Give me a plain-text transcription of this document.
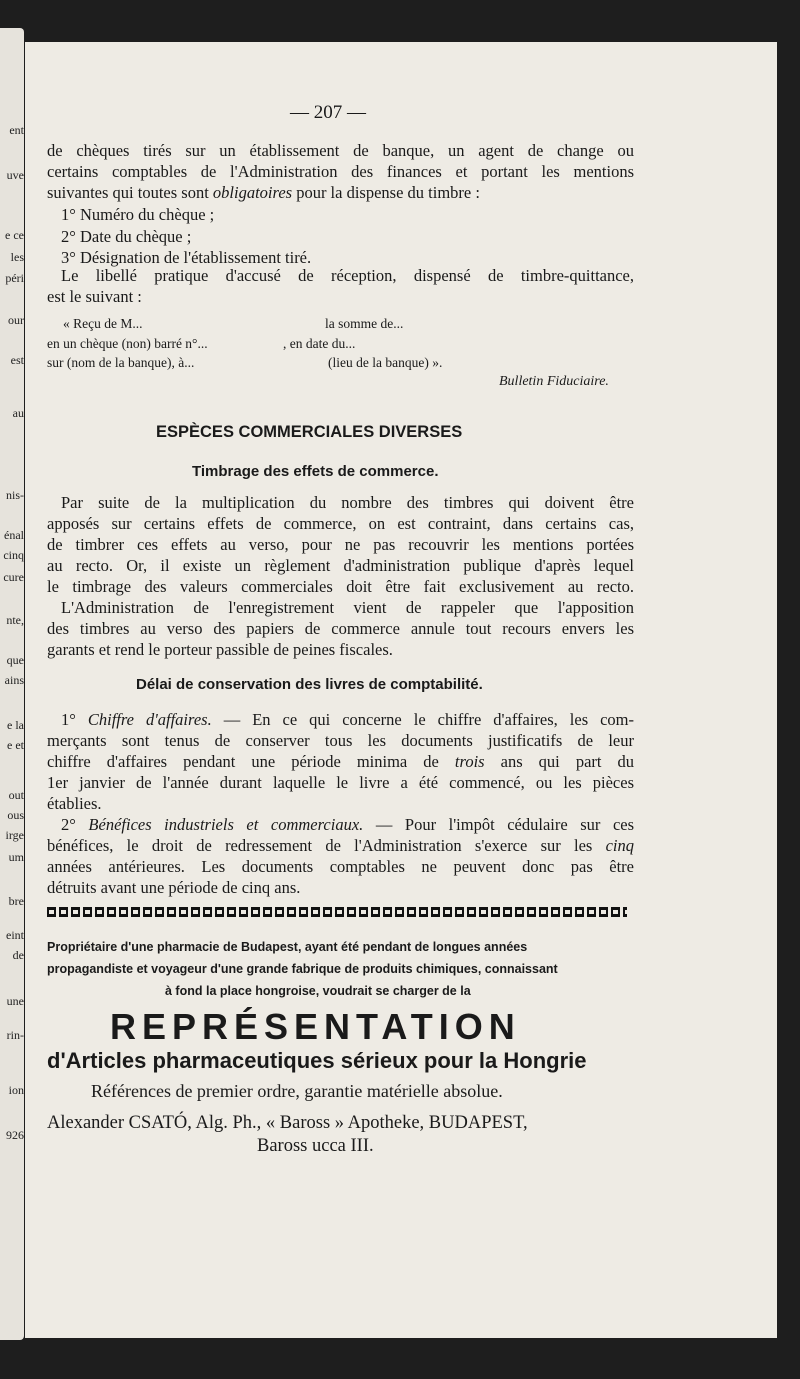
ent
uve
e ce
les
péri
our
est
au
nis-
énal
cinq
cure
nte,
que
ains
e la
e et
out
ous
irge
um
bre
eint
de
une
rin-
ion
926
— 207 —
de chèques tirés sur un établissement de banque, un agent de change ou
certains comptables de l'Administration des finances et portant les mentions
suivantes qui toutes sont obligatoires pour la dispense du timbre :
1° Numéro du chèque ;
2° Date du chèque ;
3° Désignation de l'établissement tiré.
Le libellé pratique d'accusé de réception, dispensé de timbre-quittance,
est le suivant :
« Reçu de M...	la somme de...
en un chèque (non) barré n°...	, en date du...
sur (nom de la banque), à...	(lieu de la banque) ».
Bulletin Fiduciaire.
ESPÈCES COMMERCIALES DIVERSES
Timbrage des effets de commerce.
Par suite de la multiplication du nombre des timbres qui doivent être
apposés sur certains effets de commerce, on est contraint, dans certains cas,
de timbrer ces effets au verso, pour ne pas recouvrir les mentions portées
au recto. Or, il existe un règlement d'administration publique d'après lequel
le timbrage des valeurs commerciales doit être fait exclusivement au recto.
L'Administration de l'enregistrement vient de rappeler que l'apposition
des timbres au verso des papiers de commerce annule tout recours envers les
garants et rend le porteur passible de peines fiscales.
Délai de conservation des livres de comptabilité.
1° Chiffre d'affaires. — En ce qui concerne le chiffre d'affaires, les com-
merçants sont tenus de conserver tous les documents justificatifs de leur
chiffre d'affaires pendant une période minima de trois ans qui part du
1er janvier de l'année durant laquelle le livre a été commencé, ou les pièces
établies.
2° Bénéfices industriels et commerciaux. — Pour l'impôt cédulaire sur ces
bénéfices, le droit de redressement de l'Administration s'exerce sur les cinq
années antérieures. Les documents comptables ne peuvent donc pas être
détruits avant une période de cinq ans.
Propriétaire d'une pharmacie de Budapest, ayant été pendant de longues années
propagandiste et voyageur d'une grande fabrique de produits chimiques, connaissant
à fond la place hongroise, voudrait se charger de la
REPRÉSENTATION
d'Articles pharmaceutiques sérieux pour la Hongrie
Références de premier ordre, garantie matérielle absolue.
Alexander CSATÓ, Alg. Ph., « Baross » Apotheke, BUDAPEST,
Baross ucca III.
